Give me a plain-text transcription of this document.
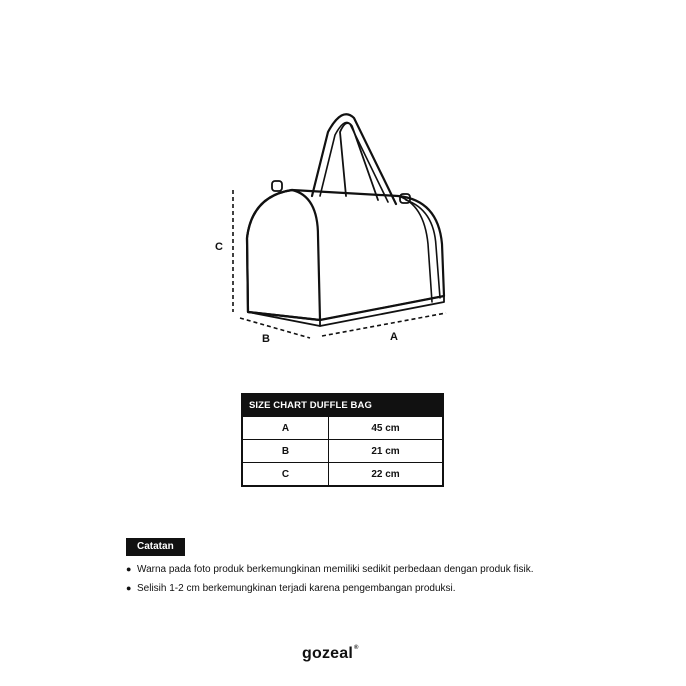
C
B	A
SIZE CHART DUFFLE BAG	
A	45 cm
B	21 cm
C	22 cm
Catatan
● Warna pada foto produk berkemungkinan memiliki sedikit perbedaan dengan produk fisik.
● Selisih 1-2 cm berkemungkinan terjadi karena pengembangan produksi.
gozeal®
